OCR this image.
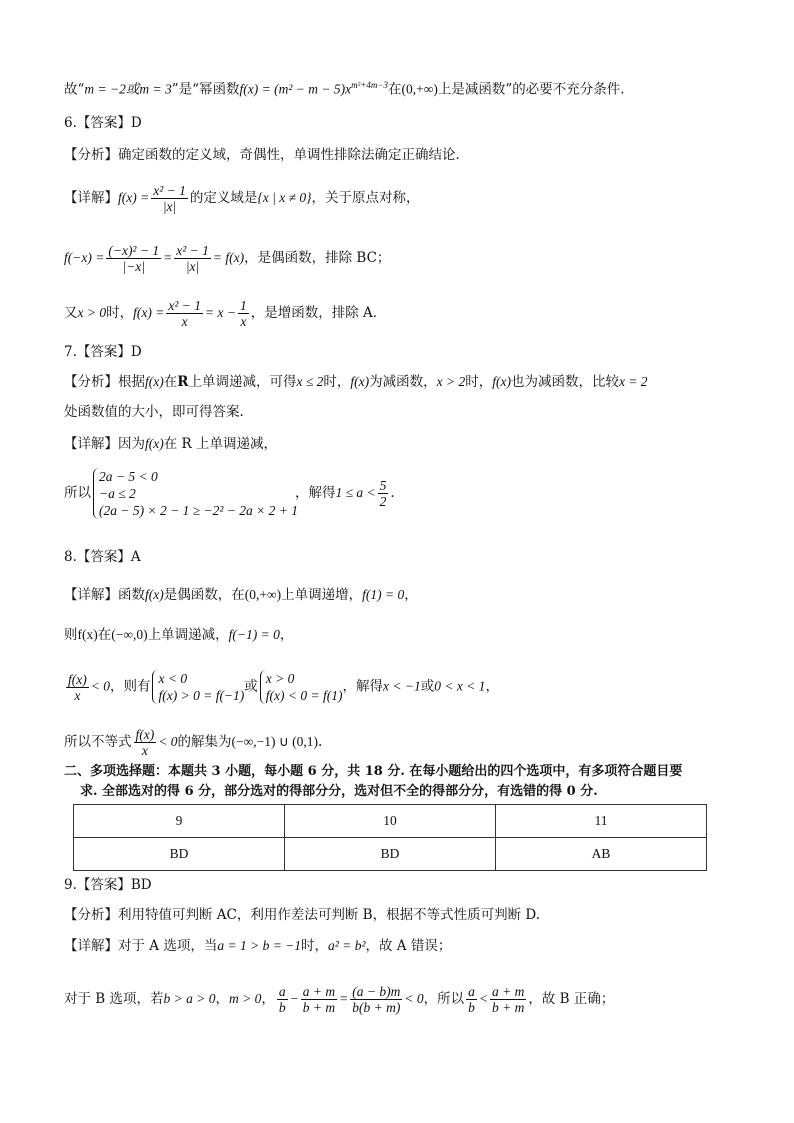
故“m = −2或m = 3”是“幂函数$f(x) = (m^2 - m - 5)x^{m^2+4m-3}$在(0,+∞)上是减函数”的必要不充分条件.
6.【答案】D
【分析】确定函数的定义域，奇偶性，单调性排除法确定正确结论．
【详解】$f(x) = \frac{\text{x² − 1}}{|x|}$ 的定义域是{x | x ≠ 0}，关于原点对称，
$f(-x) = \frac{\text{(−x)² − 1}}{|-x|} = \frac{\text{x² − 1}}{|x|} = f(x)$，是偶函数，排除 BC；
又x > 0时，$f(x) = \frac{\text{x² − 1}}{x} = x - \frac{1}{x}$ ，是增函数，排除 A．
7.【答案】D
【分析】根据f(x)在R上单调递减，可得x ≤ 2时，f(x)为减函数，x > 2时，f(x)也为减函数，比较x = 2
处函数值的大小，即可得答案.
【详解】因为f(x)在 R 上单调递减，
所以
2a − 5 < 0
−a ≤ 2
(2a − 5) × 2 − 1 ≥ −2² − 2a × 2 + 1
，解得$1 \le a < \frac{5}{2}$ .
8.【答案】A
【详解】函数f(x)是偶函数，在(0,+∞)上单调递增，f(1) = 0，
则f(x)在(−∞,0)上单调递减，f(−1) = 0，
$\frac{f(x)}{x} < 0$，则有 x < 0
f(x) > 0 = f(−1)
或 x > 0
f(x) < 0 = f(1)
，解得x < −1或0 < x < 1，
所以不等式 $\frac{f(x)}{x} < 0$的解集为(−∞,−1) ∪ (0,1).
二、多项选择题：本题共 3 小题，每小题 6 分，共 18 分. 在每小题给出的四个选项中，有多项符合题目要
求. 全部选对的得 6 分，部分选对的得部分分，选对但不全的得部分分，有选错的得 0 分.
9	10	11
BD	BD	AB
9.【答案】BD
【分析】利用特值可判断 AC，利用作差法可判断 B，根据不等式性质可判断 D.
【详解】对于 A 选项，当a = 1 > b = −1时，a² = b²，故 A 错误；
对于 B 选项，若b > a > 0，m > 0， $\frac{a}{b} - \frac{a + m}{b + m} = \frac{(a - b)m}{b(b + m)} < 0$，所以 $\frac{a}{b} < \frac{a + m}{b + m}$ ，故 B 正确；
